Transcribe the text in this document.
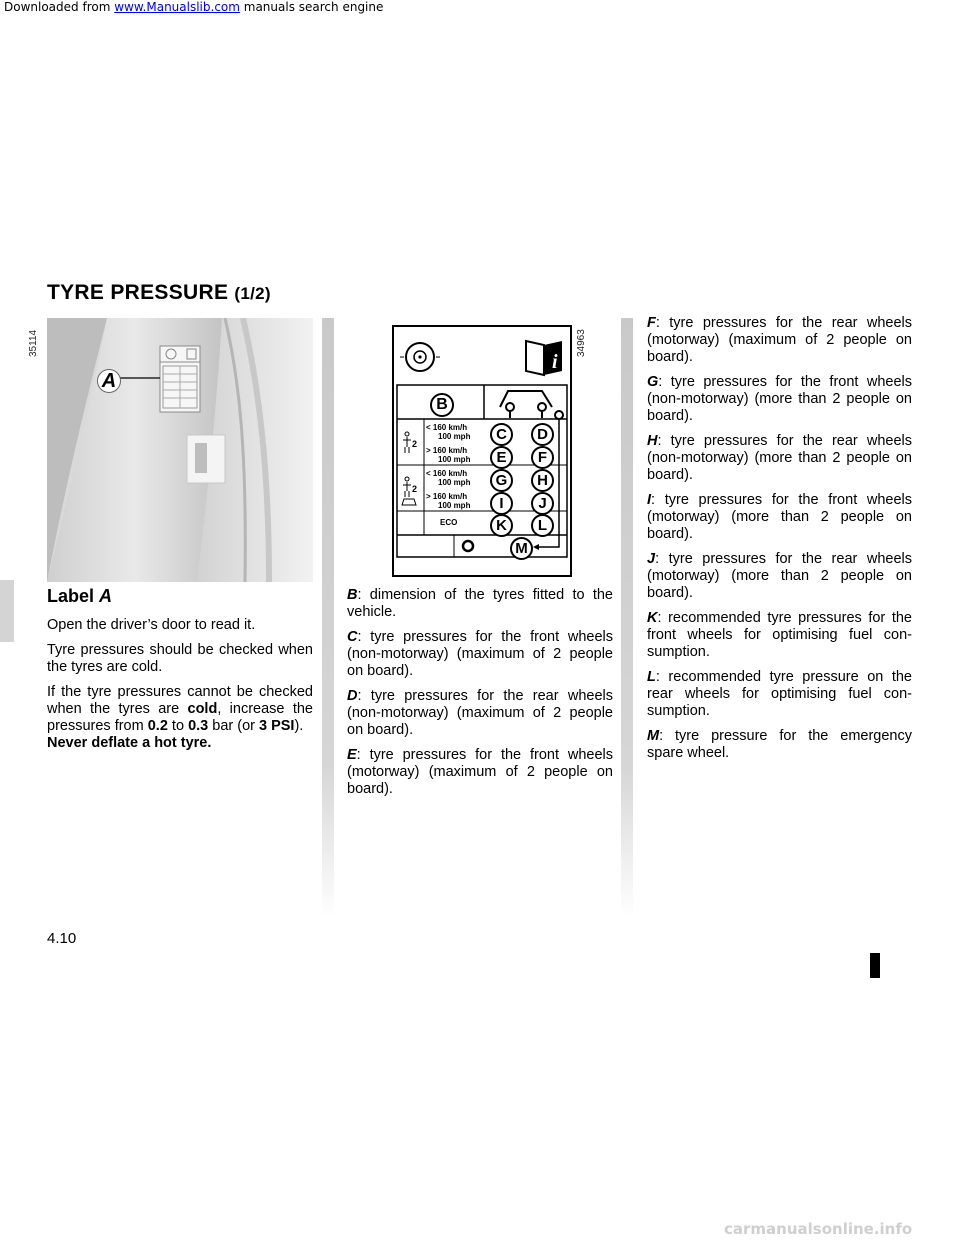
Downloaded from www.Manualslib.com manuals search engine
TYRE PRESSURE (1/2)
35114	34963
A
i
B
2
2
< 160 km/h
100 mph
> 160 km/h
100 mph
< 160 km/h
100 mph
> 160 km/h
100 mph
ECO
C	D
E	F
G	H
I	J
K	L
M
Label A

Open the driver’s door to read it.

Tyre pressures should be checked when the tyres are cold.

If the tyre pressures cannot be checked when the tyres are cold, increase the pressures from 0.2 to 0.3 bar (or 3 PSI).
Never deflate a hot tyre.

B: dimension of the tyres fitted to the vehicle.

C: tyre pressures for the front wheels (non-motorway) (maximum of 2 people on board).

D: tyre pressures for the rear wheels (non-motorway) (maximum of 2 people on board).

E: tyre pressures for the front wheels (motorway) (maximum of 2 people on board).

F: tyre pressures for the rear wheels (motorway) (maximum of 2 people on board).

G: tyre pressures for the front wheels (non-motorway) (more than 2 people on board).

H: tyre pressures for the rear wheels (non-motorway) (more than 2 people on board).

I: tyre pressures for the front wheels (motorway) (more than 2 people on board).

J: tyre pressures for the rear wheels (motorway) (more than 2 people on board).

K: recommended tyre pressures for the front wheels for optimising fuel consumption.

L: recommended tyre pressure on the rear wheels for optimising fuel consumption.

M: tyre pressure for the emergency spare wheel.

4.10
carmanualsonline.info
